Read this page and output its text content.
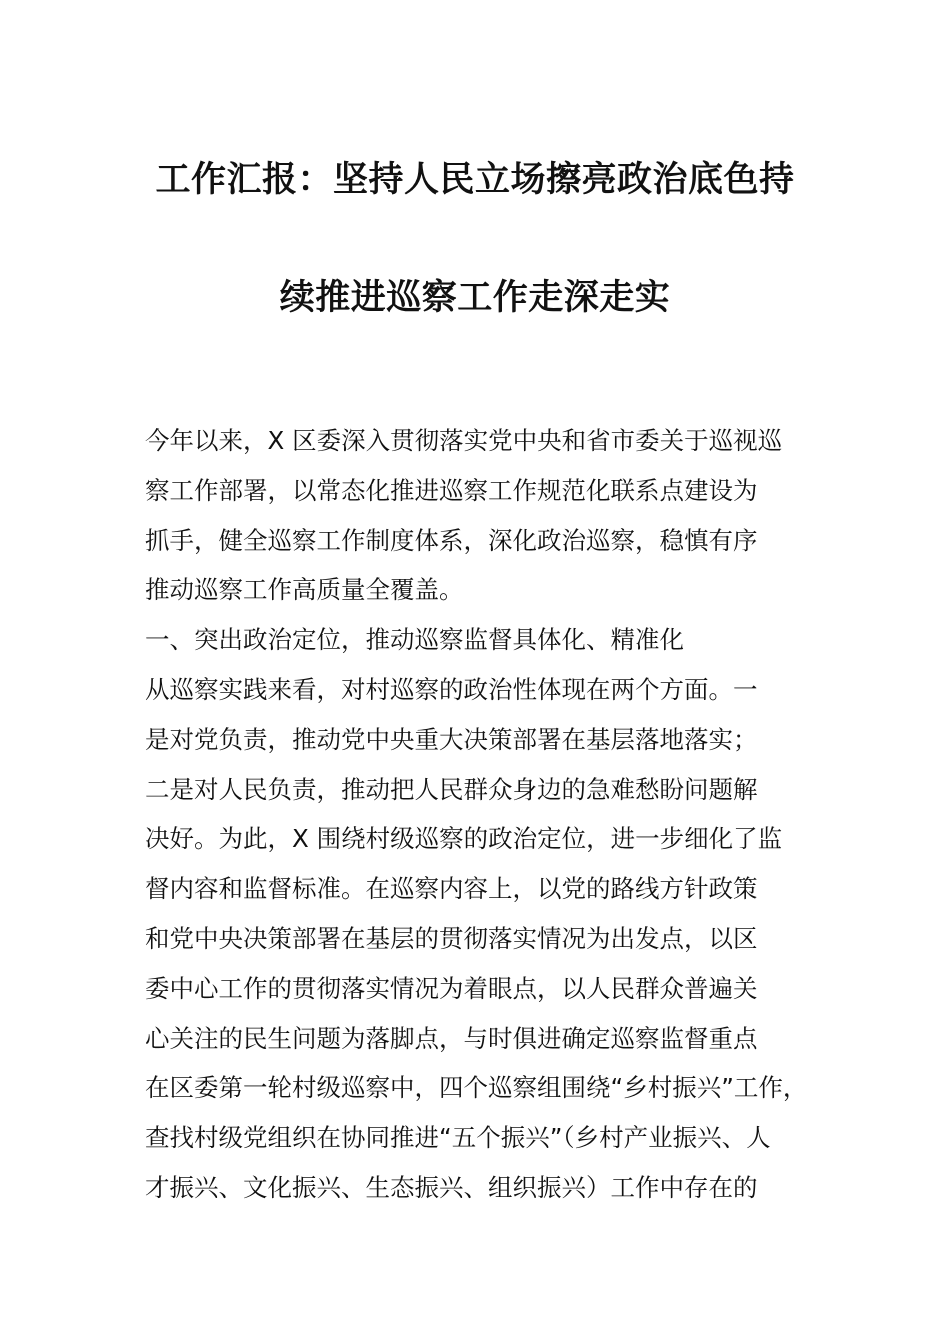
工作汇报：坚持人民立场擦亮政治底色持
续推进巡察工作走深走实
今年以来，X 区委深入贯彻落实党中央和省市委关于巡视巡
察工作部署，以常态化推进巡察工作规范化联系点建设为
抓手，健全巡察工作制度体系，深化政治巡察，稳慎有序
推动巡察工作高质量全覆盖。
一、突出政治定位，推动巡察监督具体化、精准化
从巡察实践来看，对村巡察的政治性体现在两个方面。一
是对党负责，推动党中央重大决策部署在基层落地落实；
二是对人民负责，推动把人民群众身边的急难愁盼问题解
决好。为此，X 围绕村级巡察的政治定位，进一步细化了监
督内容和监督标准。在巡察内容上，以党的路线方针政策
和党中央决策部署在基层的贯彻落实情况为出发点，以区
委中心工作的贯彻落实情况为着眼点，以人民群众普遍关
心关注的民生问题为落脚点，与时俱进确定巡察监督重点
在区委第一轮村级巡察中，四个巡察组围绕“乡村振兴”工作，
查找村级党组织在协同推进“五个振兴”（乡村产业振兴、人
才振兴、文化振兴、生态振兴、组织振兴）工作中存在的
